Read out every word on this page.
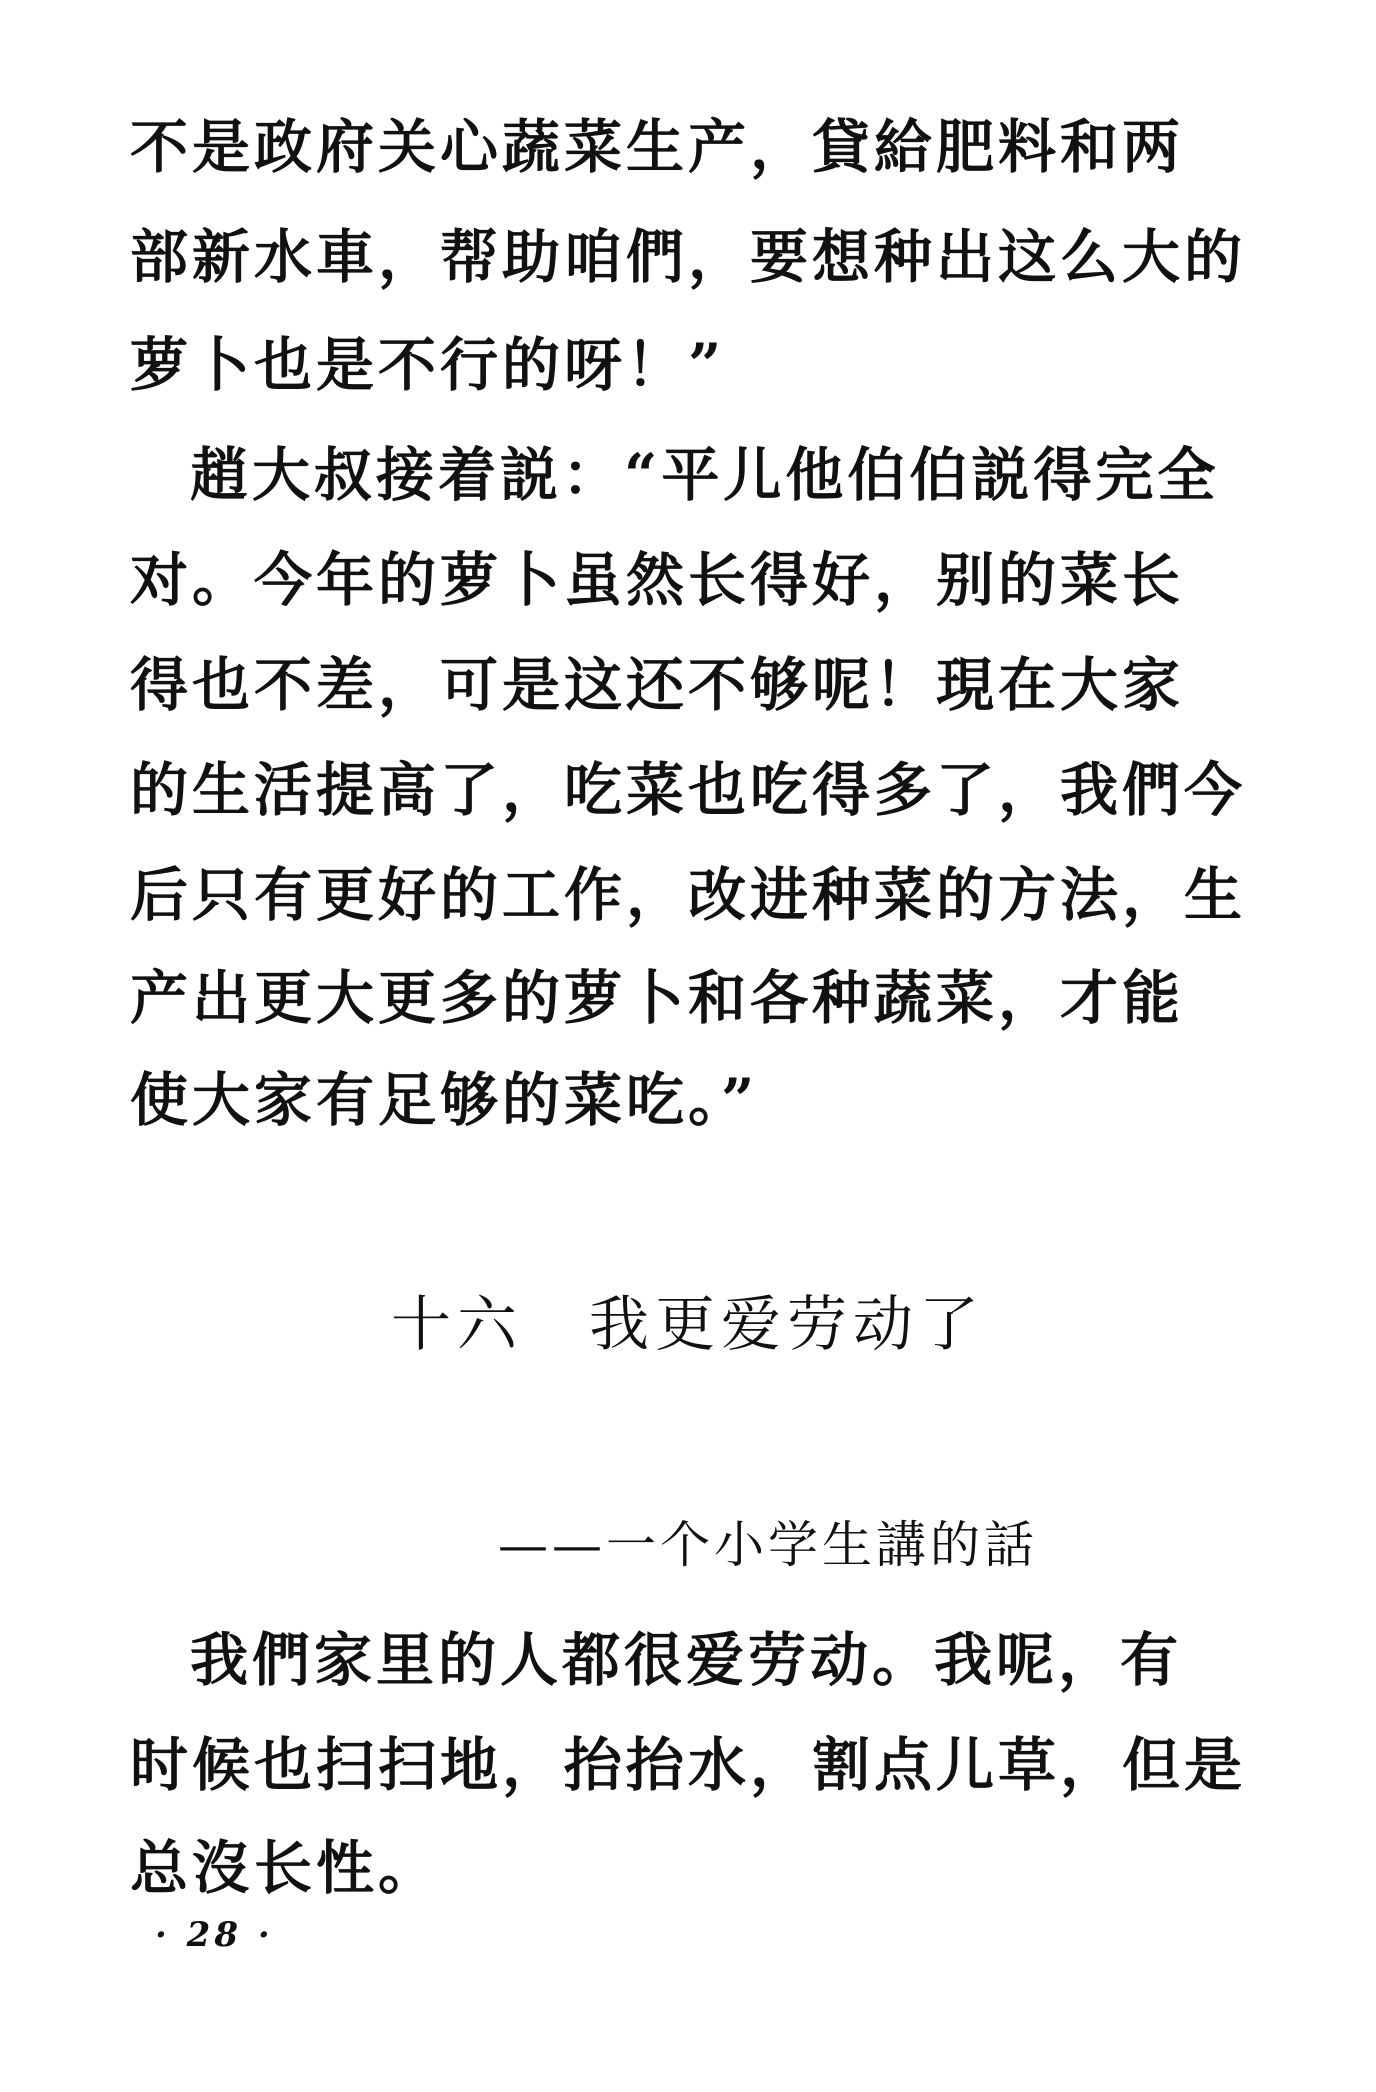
不是政府关心蔬菜生产，貸給肥料和两
部新水車，帮助咱們，要想种出这么大的
萝卜也是不行的呀！”
趙大叔接着説：“平儿他伯伯説得完全
对。今年的萝卜虽然长得好，别的菜长
得也不差，可是这还不够呢！現在大家
的生活提高了，吃菜也吃得多了，我們今
后只有更好的工作，改进种菜的方法，生
产出更大更多的萝卜和各种蔬菜，才能
使大家有足够的菜吃。”
十六　我更爱劳动了
——一个小学生講的話
我們家里的人都很爱劳动。我呢，有
时候也扫扫地，抬抬水，割点儿草，但是
总沒长性。
· 28 ·
